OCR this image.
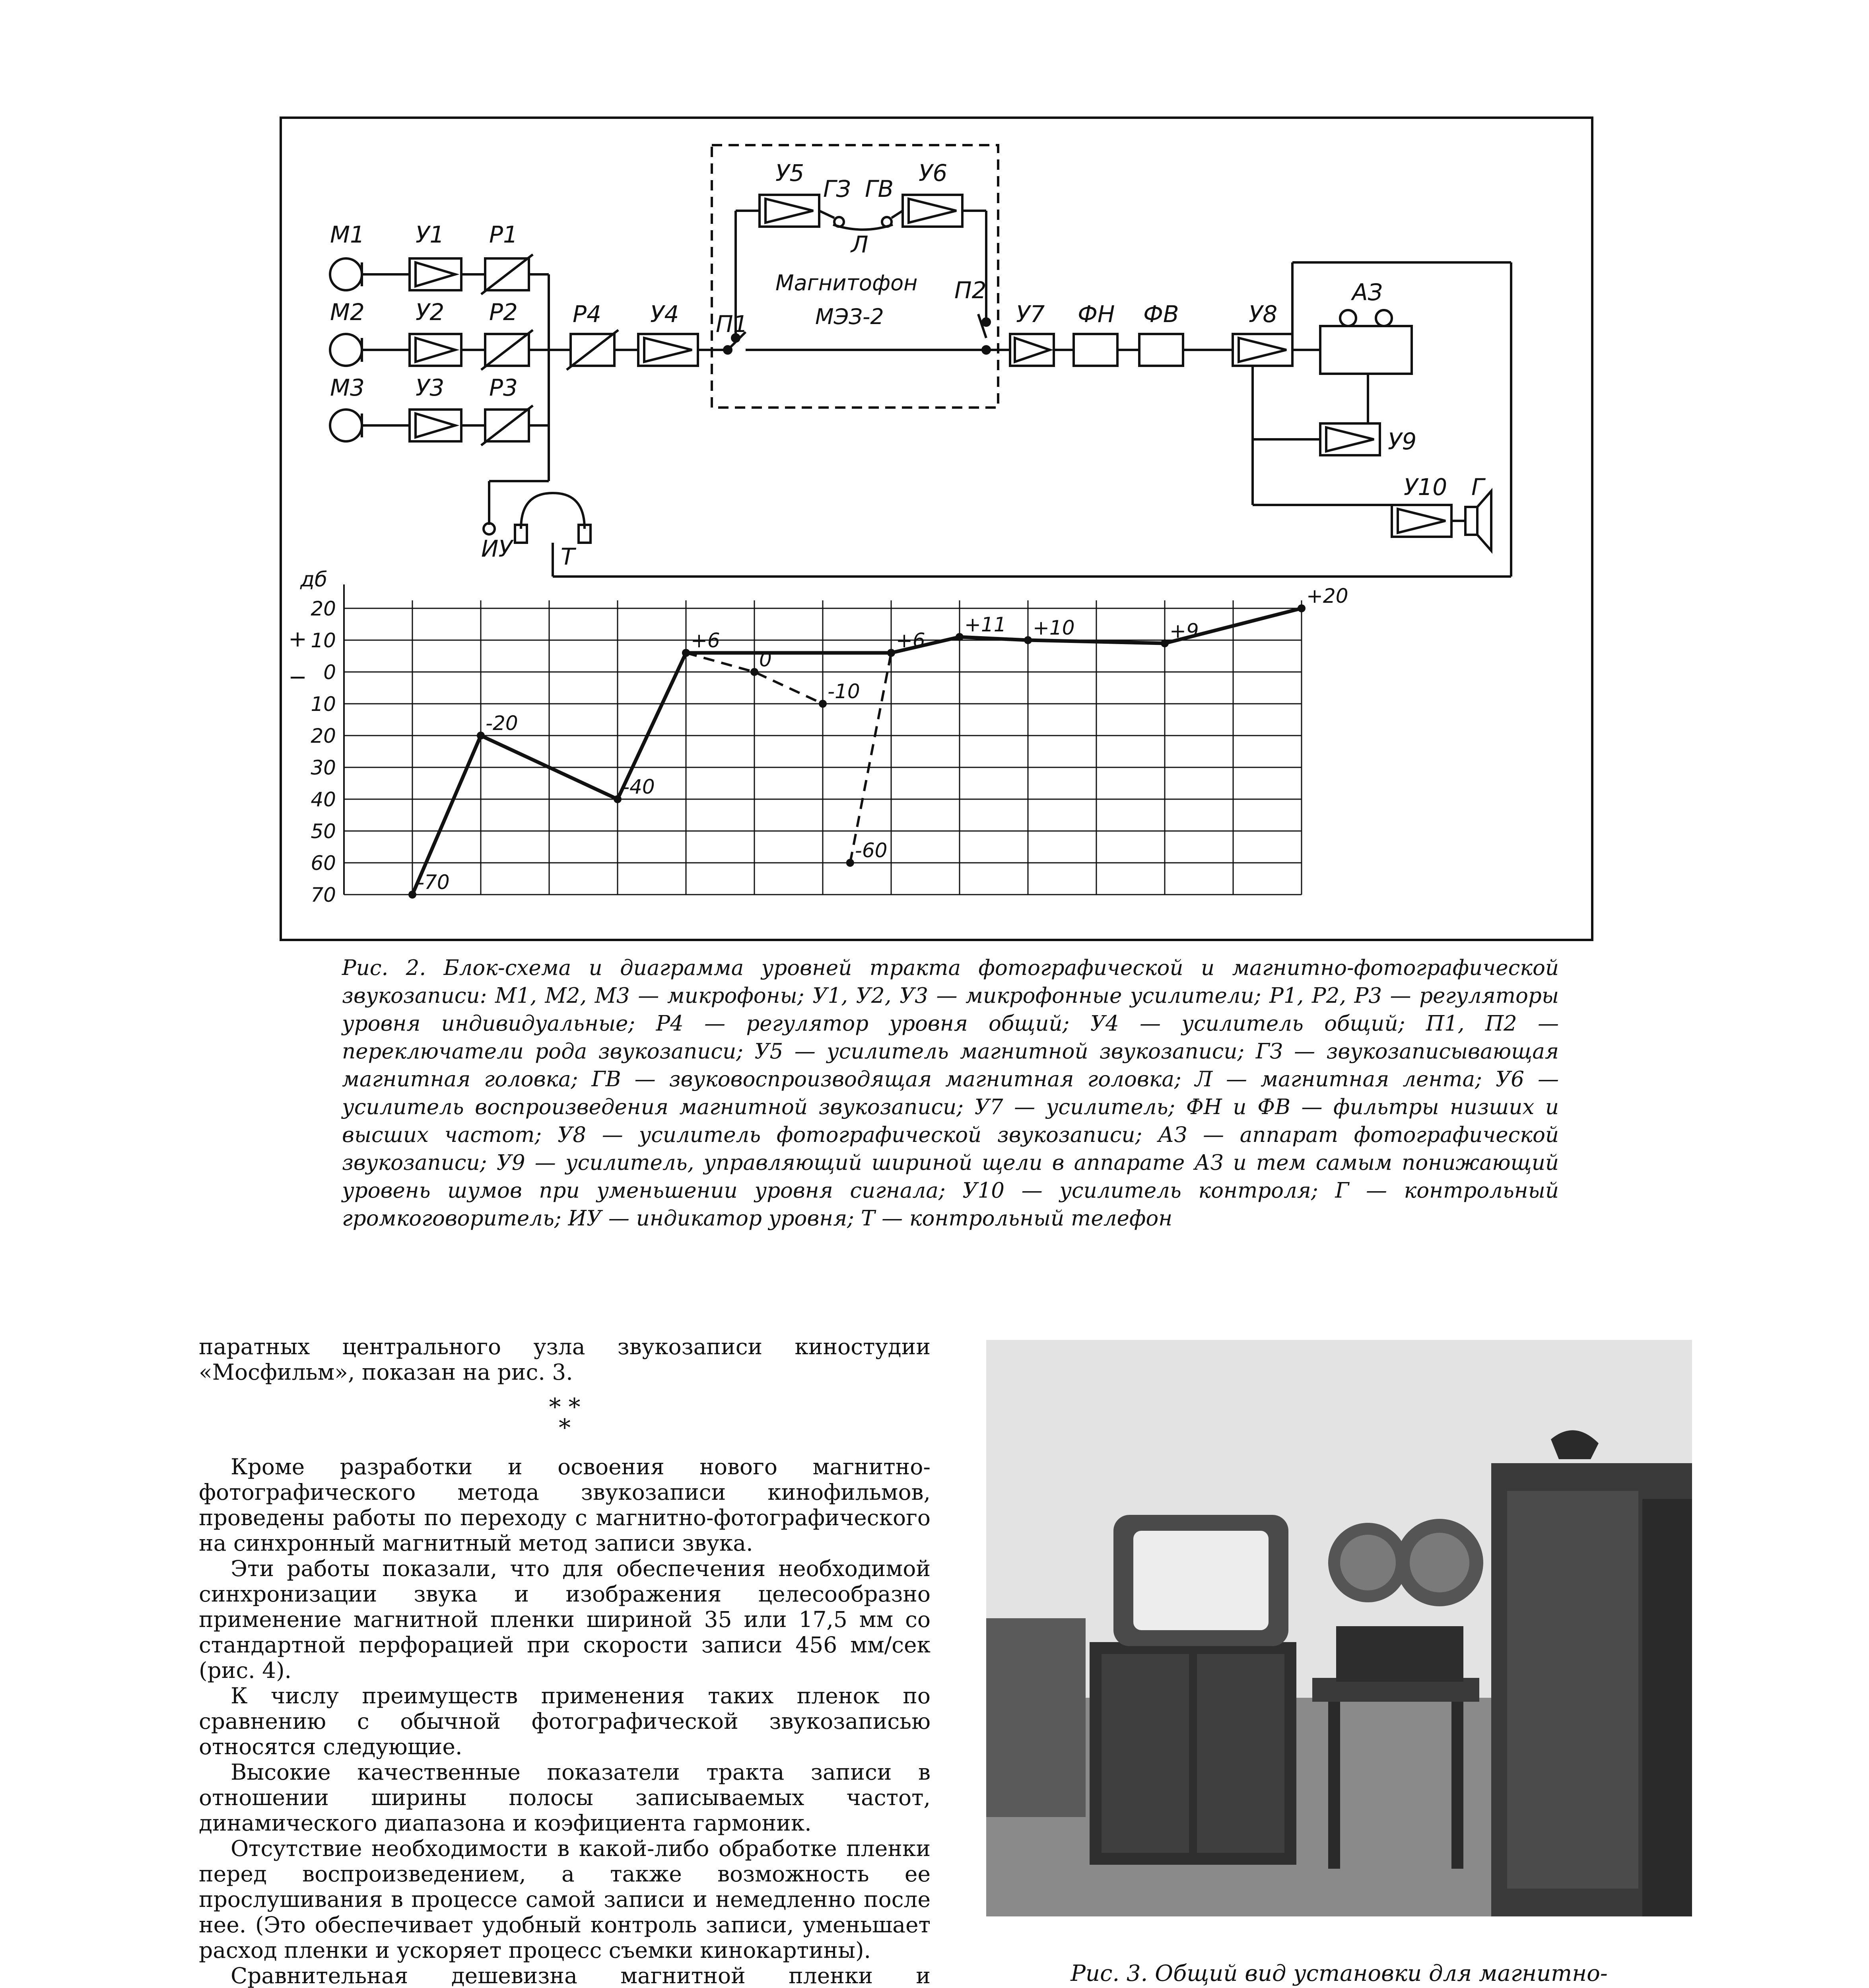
М1 У1 Р1
М2 У2 Р2
М3 У3 Р3
Р4 У4
У5
ГЗ ГВ
У6
Л
Магнитофон
МЭЗ-2
П1
П2
У7 ФН ФВ	У8
АЗ
У9
У10 Г
ИУ Т
20
10
0
10
20
30
40
50
60
70
дб
+
−
-70
-20
-40
+6
0
-10
-60
+6
+11 +10	+9
+20
Рис. 2. Блок-схема и диаграмма уровней тракта фотографической и магнитно-фотографической звукозаписи: М1, М2, М3 — микрофоны; У1, У2, У3 — микрофонные усилители; Р1, Р2, Р3 — регуляторы уровня индивидуальные; Р4 — регулятор уровня общий; У4 — усилитель общий; П1, П2 — переключатели рода звукозаписи; У5 — усилитель магнитной звукозаписи; ГЗ — звукозаписывающая магнитная головка; ГВ — звуковоспроизводящая магнитная головка; Л — магнитная лента; У6 — усилитель воспроизведения магнитной звукозаписи; У7 — усилитель; ФН и ФВ — фильтры низших и высших частот; У8 — усилитель фотографической звукозаписи; АЗ — аппарат фотографической звукозаписи; У9 — усилитель, управляющий шириной щели в аппарате АЗ и тем самым понижающий уровень шумов при уменьшении уровня сигнала; У10 — усилитель контроля; Г — контрольный громкоговоритель; ИУ — индикатор уровня; Т — контрольный телефон

паратных центрального узла звукозаписи киностудии «Мосфильм», показан на рис. 3.

* *
*

Кроме разработки и освоения нового магнитно-фотографического метода звукозаписи кинофильмов, проведены работы по переходу с магнитно-фотографического на синхронный магнитный метод записи звука.

Эти работы показали, что для обеспечения необходимой синхронизации звука и изображения целесообразно применение магнитной пленки шириной 35 или 17,5 мм со стандартной перфорацией при скорости записи 456 мм/сек (рис. 4).

К числу преимуществ применения таких пленок по сравнению с обычной фотографической звукозаписью относятся следующие.

Высокие качественные показатели тракта записи в отношении ширины полосы записываемых частот, динамического диапазона и коэфициента гармоник.

Отсутствие необходимости в какой-либо обработке пленки перед воспроизведением, а также возможность ее прослушивания в процессе самой записи и немедленно после нее. (Это обеспечивает удобный контроль записи, уменьшает расход пленки и ускоряет процесс съемки кинокартины).

Сравнительная дешевизна магнитной пленки и	Рис. 3. Общий вид установки для магнитно-
